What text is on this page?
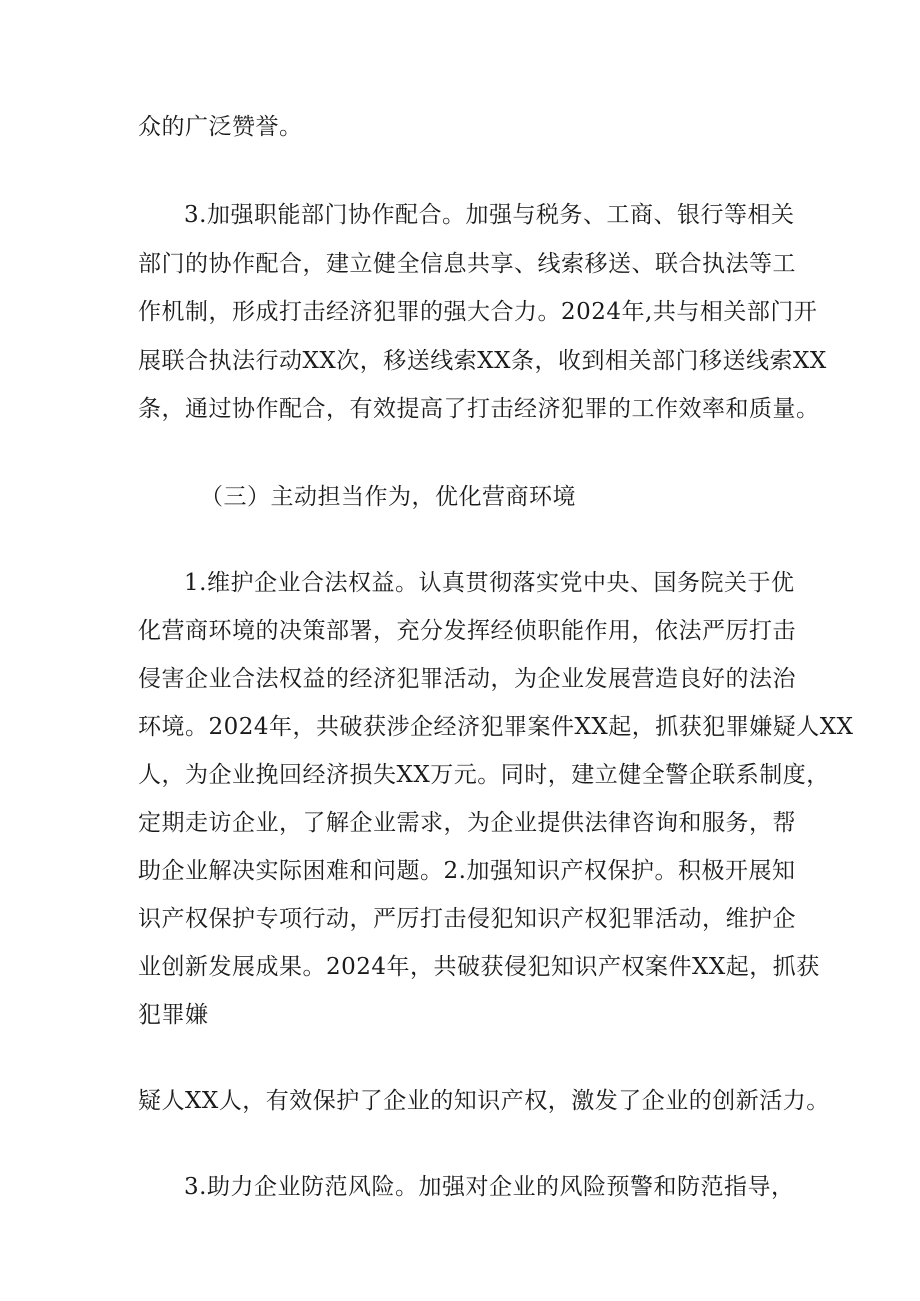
众的广泛赞誉。
3.加强职能部门协作配合。加强与税务、工商、银行等相关
部门的协作配合，建立健全信息共享、线索移送、联合执法等工
作机制，形成打击经济犯罪的强大合力。2024年,共与相关部门开
展联合执法行动XX次，移送线索XX条，收到相关部门移送线索XX
条，通过协作配合，有效提高了打击经济犯罪的工作效率和质量。
（三）主动担当作为，优化营商环境
1.维护企业合法权益。认真贯彻落实党中央、国务院关于优
化营商环境的决策部署，充分发挥经侦职能作用，依法严厉打击
侵害企业合法权益的经济犯罪活动，为企业发展营造良好的法治
环境。2024年，共破获涉企经济犯罪案件XX起，抓获犯罪嫌疑人XX
人，为企业挽回经济损失XX万元。同时，建立健全警企联系制度，
定期走访企业，了解企业需求，为企业提供法律咨询和服务，帮
助企业解决实际困难和问题。2.加强知识产权保护。积极开展知
识产权保护专项行动，严厉打击侵犯知识产权犯罪活动，维护企
业创新发展成果。2024年，共破获侵犯知识产权案件XX起，抓获
犯罪嫌
疑人XX人，有效保护了企业的知识产权，激发了企业的创新活力。
3.助力企业防范风险。加强对企业的风险预警和防范指导，
